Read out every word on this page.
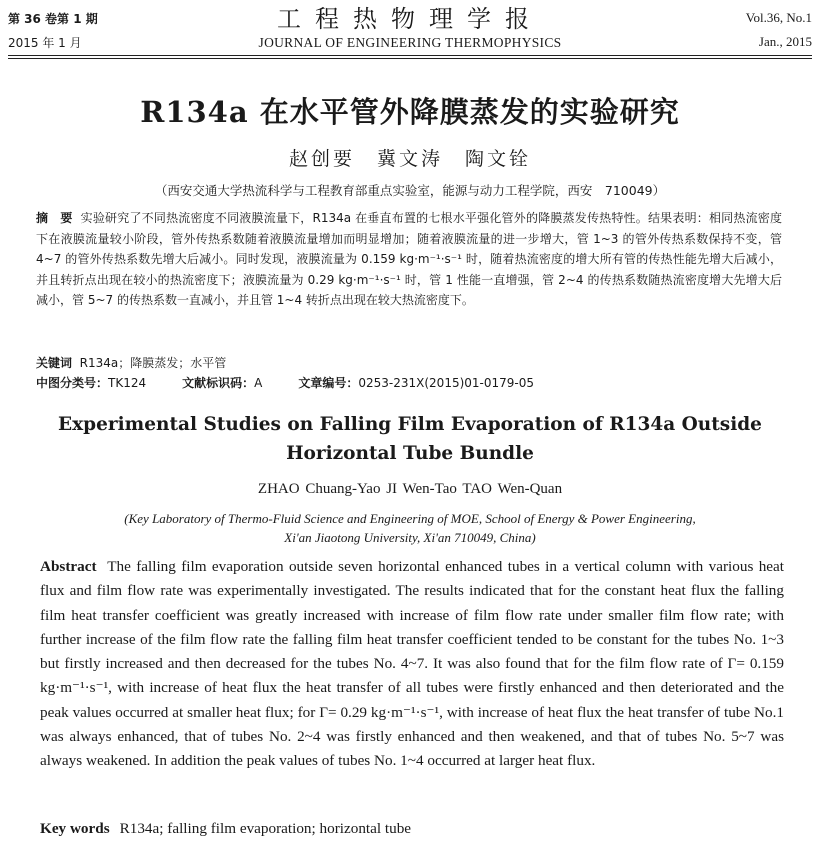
第 36 卷第 1 期
2015 年 1 月
工程热物理学报
JOURNAL OF ENGINEERING THERMOPHYSICS
Vol.36, No.1
Jan., 2015
R134a 在水平管外降膜蒸发的实验研究
赵创要　冀文涛　陶文铨
（西安交通大学热流科学与工程教育部重点实验室，能源与动力工程学院，西安　710049）
摘　要 实验研究了不同热流密度不同液膜流量下，R134a 在垂直布置的七根水平强化管外的降膜蒸发传热特性。结果表明：相同热流密度下在液膜流量较小阶段，管外传热系数随着液膜流量增加而明显增加；随着液膜流量的进一步增大，管 1~3 的管外传热系数保持不变，管 4~7 的管外传热系数先增大后减小。同时发现，液膜流量为 0.159 kg·m⁻¹·s⁻¹ 时，随着热流密度的增大所有管的传热性能先增大后减小，并且转折点出现在较小的热流密度下；液膜流量为 0.29 kg·m⁻¹·s⁻¹ 时，管 1 性能一直增强，管 2~4 的传热系数随热流密度增大先增大后减小，管 5~7 的传热系数一直减小，并且管 1~4 转折点出现在较大热流密度下。
关键词 R134a；降膜蒸发；水平管
中图分类号：TK124	文献标识码：A	文章编号：0253-231X(2015)01-0179-05
Experimental Studies on Falling Film Evaporation of R134a Outside Horizontal Tube Bundle
ZHAO Chuang-Yao JI Wen-Tao TAO Wen-Quan
(Key Laboratory of Thermo-Fluid Science and Engineering of MOE, School of Energy & Power Engineering,
Xi'an Jiaotong University, Xi'an 710049, China)
Abstract The falling film evaporation outside seven horizontal enhanced tubes in a vertical column with various heat flux and film flow rate was experimentally investigated. The results indicated that for the constant heat flux the falling film heat transfer coefficient was greatly increased with increase of film flow rate under smaller film flow rate; with further increase of the film flow rate the falling film heat transfer coefficient tended to be constant for the tubes No. 1~3 but firstly increased and then decreased for the tubes No. 4~7. It was also found that for the film flow rate of Γ= 0.159 kg·m⁻¹·s⁻¹, with increase of heat flux the heat transfer of all tubes were firstly enhanced and then deteriorated and the peak values occurred at smaller heat flux; for Γ= 0.29 kg·m⁻¹·s⁻¹, with increase of heat flux the heat transfer of tube No.1 was always enhanced, that of tubes No. 2~4 was firstly enhanced and then weakened, and that of tubes No. 5~7 was always weakened. In addition the peak values of tubes No. 1~4 occurred at larger heat flux.
Key words R134a; falling film evaporation; horizontal tube
